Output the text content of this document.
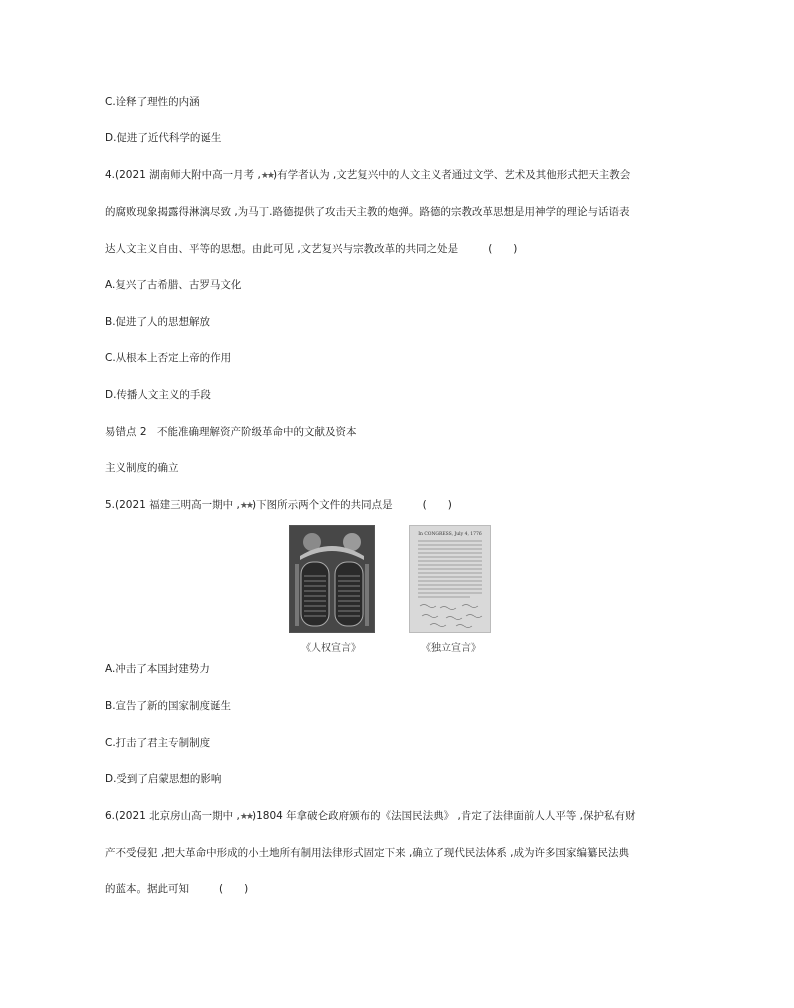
C.诠释了理性的内涵
D.促进了近代科学的诞生
4.(2021 湖南师大附中高一月考 ,★★)有学者认为 ,文艺复兴中的人文主义者通过文学、艺术及其他形式把天主教会
的腐败现象揭露得淋漓尽致 ,为马丁.路德提供了攻击天主教的炮弹。路德的宗教改革思想是用神学的理论与话语表
达人文主义自由、平等的思想。由此可见 ,文艺复兴与宗教改革的共同之处是	(　　)
A.复兴了古希腊、古罗马文化
B.促进了人的思想解放
C.从根本上否定上帝的作用
D.传播人文主义的手段
易错点 2　不能准确理解资产阶级革命中的文献及资本
主义制度的确立
5.(2021 福建三明高一期中 ,★★)下图所示两个文件的共同点是	(　　)
In CONGRESS, July 4, 1776
《人权宣言》	《独立宣言》
A.冲击了本国封建势力
B.宣告了新的国家制度诞生
C.打击了君主专制制度
D.受到了启蒙思想的影响
6.(2021 北京房山高一期中 ,★★)1804 年拿破仑政府颁布的《法国民法典》 ,肯定了法律面前人人平等 ,保护私有财
产不受侵犯 ,把大革命中形成的小土地所有制用法律形式固定下来 ,确立了现代民法体系 ,成为许多国家编纂民法典
的蓝本。据此可知	(　　)
